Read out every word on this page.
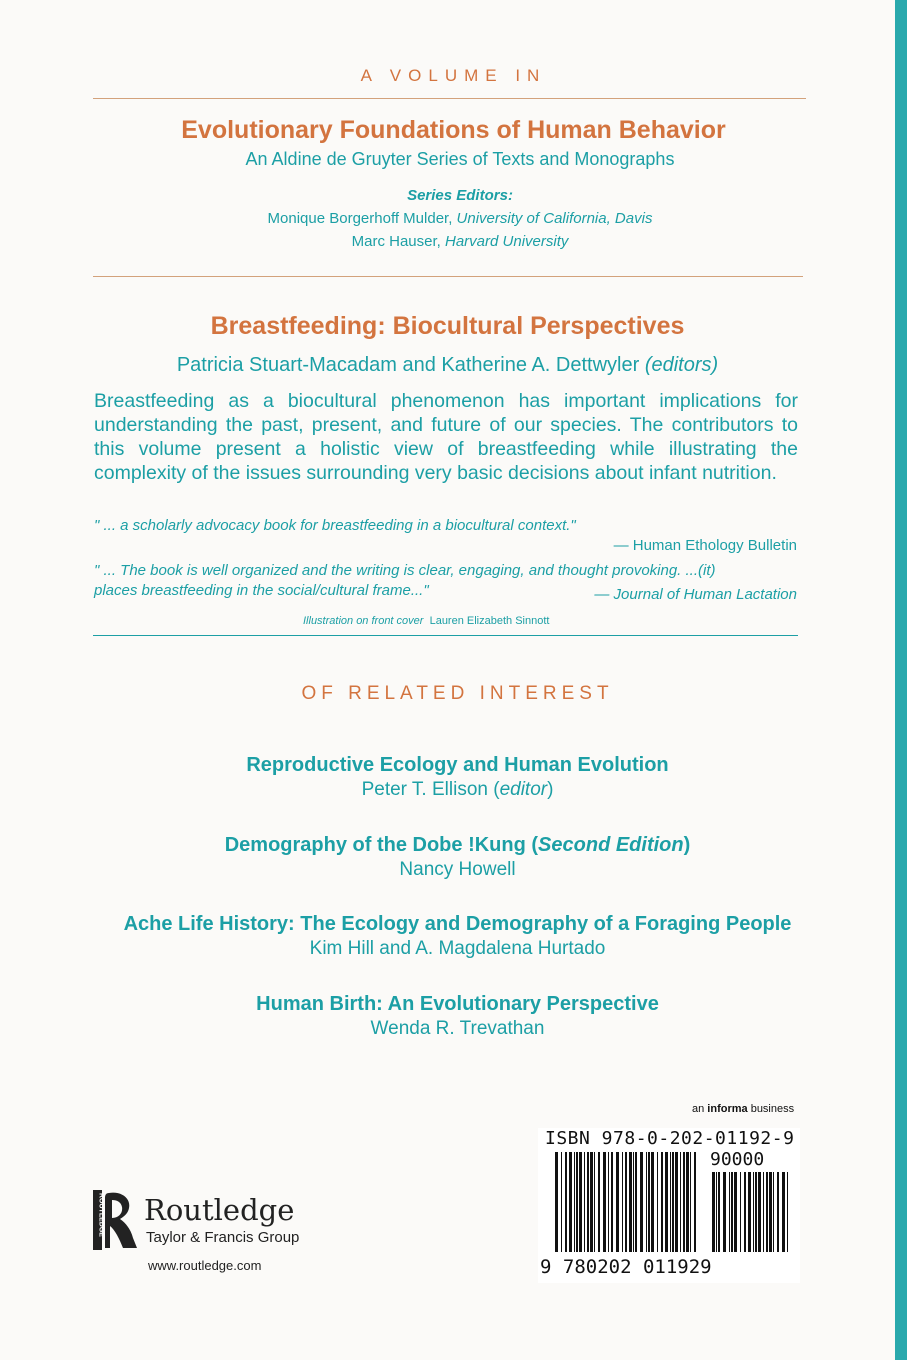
A VOLUME IN
Evolutionary Foundations of Human Behavior
An Aldine de Gruyter Series of Texts and Monographs
Series Editors:
Monique Borgerhoff Mulder, University of California, Davis
Marc Hauser, Harvard University
Breastfeeding: Biocultural Perspectives
Patricia Stuart-Macadam and Katherine A. Dettwyler (editors)
Breastfeeding as a biocultural phenomenon has important implications for understanding the past, present, and future of our species. The contributors to this volume present a holistic view of breastfeeding while illustrating the complexity of the issues surrounding very basic decisions about infant nutrition.
" ... a scholarly advocacy book for breastfeeding in a biocultural context."
— Human Ethology Bulletin
" ... The book is well organized and the writing is clear, engaging, and thought provoking. ...(it)
places breastfeeding in the social/cultural frame..."	— Journal of Human Lactation
Illustration on front cover Lauren Elizabeth Sinnott
OF RELATED INTEREST
Reproductive Ecology and Human Evolution
Peter T. Ellison (editor)
Demography of the Dobe !Kung (Second Edition)
Nancy Howell
Ache Life History: The Ecology and Demography of a Foraging People
Kim Hill and A. Magdalena Hurtado
Human Birth: An Evolutionary Perspective
Wenda R. Trevathan
an informa business
ISBN 978-0-202-01192-9
90000
9 780202 011929
ROUTLEDGE Routledge
Taylor & Francis Group
www.routledge.com
